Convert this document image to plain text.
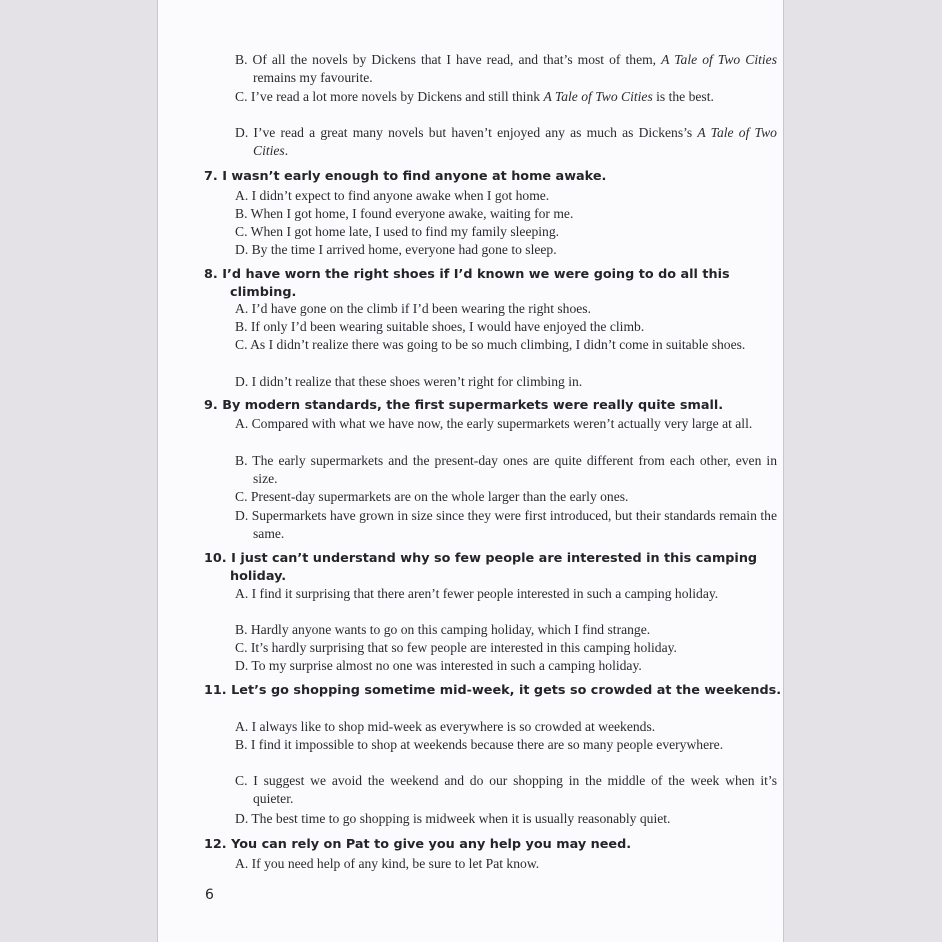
B. Of all the novels by Dickens that I have read, and that’s most of them, A Tale of Two Cities remains my favourite.
C. I’ve read a lot more novels by Dickens and still think A Tale of Two Cities is the best.
D. I’ve read a great many novels but haven’t enjoyed any as much as Dickens’s A Tale of Two Cities.
7. I wasn’t early enough to find anyone at home awake.
A. I didn’t expect to find anyone awake when I got home.
B. When I got home, I found everyone awake, waiting for me.
C. When I got home late, I used to find my family sleeping.
D. By the time I arrived home, everyone had gone to sleep.
8. I’d have worn the right shoes if I’d known we were going to do all this climbing.
A. I’d have gone on the climb if I’d been wearing the right shoes.
B. If only I’d been wearing suitable shoes, I would have enjoyed the climb.
C. As I didn’t realize there was going to be so much climbing, I didn’t come in suitable shoes.
D. I didn’t realize that these shoes weren’t right for climbing in.
9. By modern standards, the first supermarkets were really quite small.
A. Compared with what we have now, the early supermarkets weren’t actually very large at all.
B. The early supermarkets and the present-day ones are quite different from each other, even in size.
C. Present-day supermarkets are on the whole larger than the early ones.
D. Supermarkets have grown in size since they were first introduced, but their standards remain the same.
10. I just can’t understand why so few people are interested in this camping holiday.
A. I find it surprising that there aren’t fewer people interested in such a camping holiday.
B. Hardly anyone wants to go on this camping holiday, which I find strange.
C. It’s hardly surprising that so few people are interested in this camping holiday.
D. To my surprise almost no one was interested in such a camping holiday.
11. Let’s go shopping sometime mid-week, it gets so crowded at the weekends.
A. I always like to shop mid-week as everywhere is so crowded at weekends.
B. I find it impossible to shop at weekends because there are so many people everywhere.
C. I suggest we avoid the weekend and do our shopping in the middle of the week when it’s quieter.
D. The best time to go shopping is midweek when it is usually reasonably quiet.
12. You can rely on Pat to give you any help you may need.
A. If you need help of any kind, be sure to let Pat know.
6
